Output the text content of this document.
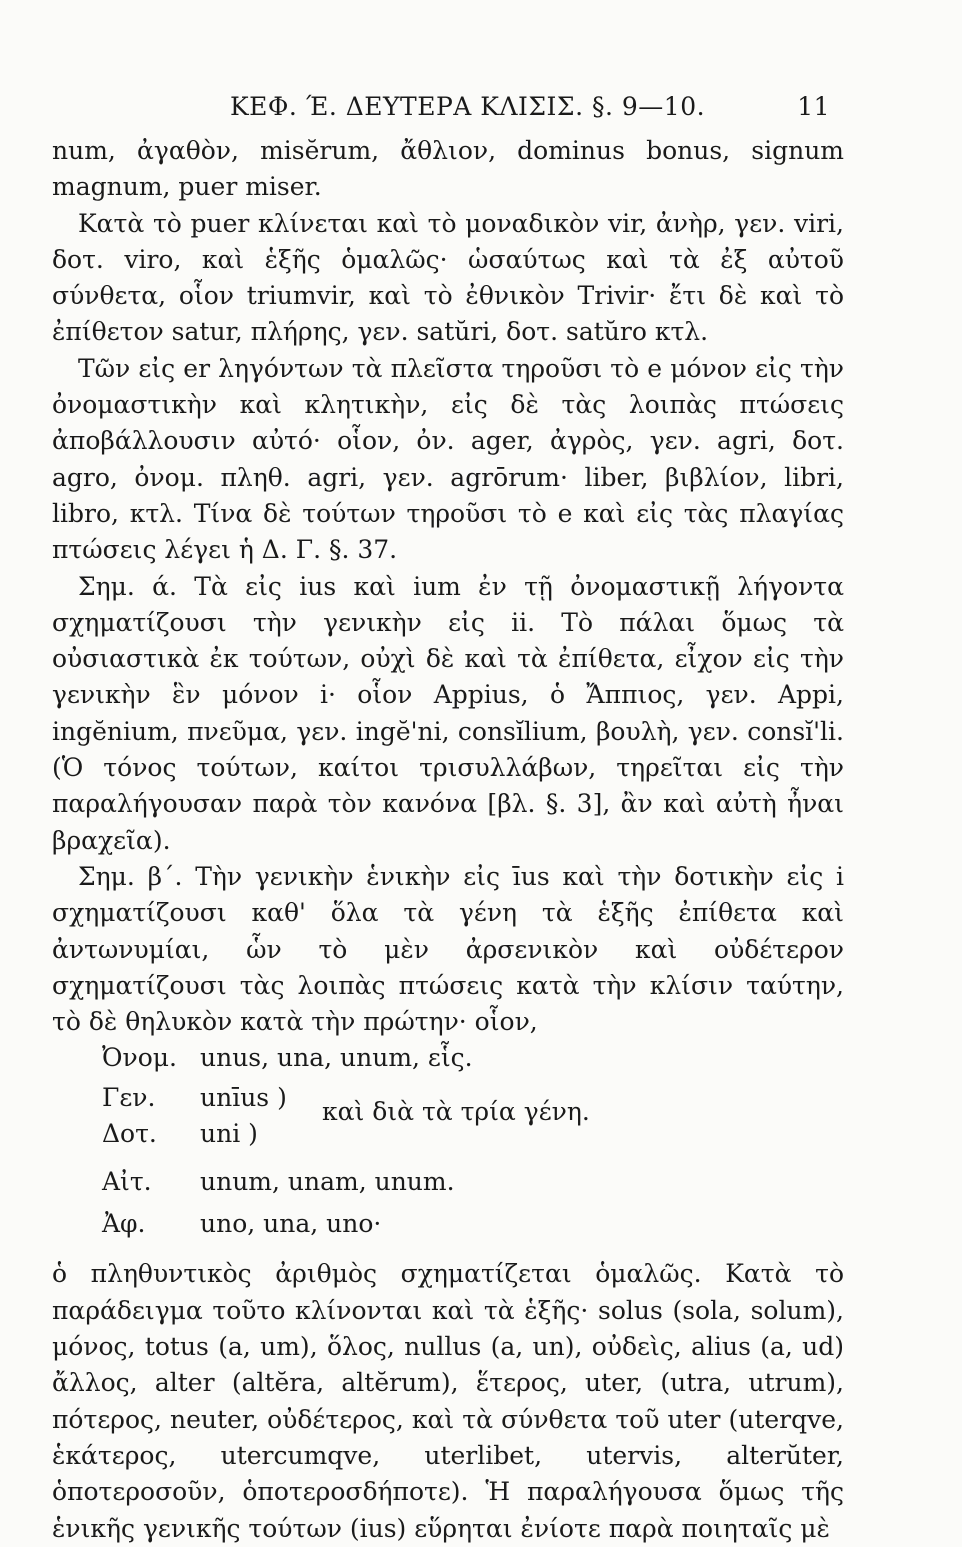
ΚΕΦ. Έ. ΔΕΥΤΕΡΑ ΚΛΙΣΙΣ. §. 9—10.	11

num, ἀγαθὸν, misĕrum, ἄθλιον, dominus bonus, signum magnum, puer miser.

Κατὰ τὸ puer κλίνεται καὶ τὸ μοναδικὸν vir, ἀνὴρ, γεν. viri, δοτ. viro, καὶ ἑξῆς ὁμαλῶς· ὡσαύτως καὶ τὰ ἐξ αὐτοῦ σύνθετα, οἷον triumvir, καὶ τὸ ἐθνικὸν Trivir· ἔτι δὲ καὶ τὸ ἐπίθετον satur, πλήρης, γεν. satŭri, δοτ. satŭro κτλ.

Τῶν εἰς er ληγόντων τὰ πλεῖστα τηροῦσι τὸ e μόνον εἰς τὴν ὀνομαστικὴν καὶ κλητικὴν, εἰς δὲ τὰς λοιπὰς πτώσεις ἀποβάλλουσιν αὐτό· οἷον, ὀν. ager, ἀγρὸς, γεν. agri, δοτ. agro, ὀνομ. πληθ. agri, γεν. agrōrum· liber, βιβλίον, libri, libro, κτλ. Τίνα δὲ τούτων τηροῦσι τὸ e καὶ εἰς τὰς πλαγίας πτώσεις λέγει ἡ Δ. Γ. §. 37.

Σημ. ά. Τὰ εἰς ius καὶ ium ἐν τῇ ὀνομαστικῇ λήγοντα σχηματίζουσι τὴν γενικὴν εἰς ii. Τὸ πάλαι ὅμως τὰ οὐσιαστικὰ ἐκ τούτων, οὐχὶ δὲ καὶ τὰ ἐπίθετα, εἶχον εἰς τὴν γενικὴν ἓν μόνον i· οἷον Appius, ὁ Ἄππιος, γεν. Appi, ingĕnium, πνεῦμα, γεν. ingĕ'ni, consĭlium, βουλὴ, γεν. consĭ'li. (Ὁ τόνος τούτων, καίτοι τρισυλλάβων, τηρεῖται εἰς τὴν παραλήγουσαν παρὰ τὸν κανόνα [βλ. §. 3], ἂν καὶ αὐτὴ ἦναι βραχεῖα).

Σημ. β΄. Τὴν γενικὴν ἑνικὴν εἰς īus καὶ τὴν δοτικὴν εἰς i σχηματίζουσι καθ' ὅλα τὰ γένη τὰ ἑξῆς ἐπίθετα καὶ ἀντωνυμίαι, ὧν τὸ μὲν ἀρσενικὸν καὶ οὐδέτερον σχηματίζουσι τὰς λοιπὰς πτώσεις κατὰ τὴν κλίσιν ταύτην, τὸ δὲ θηλυκὸν κατὰ τὴν πρώτην· οἷον,

Ὀνομ. unus, una, unum, εἷς.
Γεν. unīus )
Δοτ. uni )
καὶ διὰ τὰ τρία γένη.
Αἰτ. unum, unam, unum.
Ἀφ. uno, una, uno·

ὁ πληθυντικὸς ἀριθμὸς σχηματίζεται ὁμαλῶς. Κατὰ τὸ παράδειγμα τοῦτο κλίνονται καὶ τὰ ἑξῆς· solus (sola, solum), μόνος, totus (a, um), ὅλος, nullus (a, un), οὐδεὶς, alius (a, ud) ἄλλος, alter (altĕra, altĕrum), ἕτερος, uter, (utra, utrum), πότερος, neuter, οὐδέτερος, καὶ τὰ σύνθετα τοῦ uter (uterqve, ἑκάτερος, utercumqve, uterlibet, utervis, alterŭter, ὁποτεροσοῦν, ὁποτεροσδήποτε). Ἡ παραλήγουσα ὅμως τῆς ἑνικῆς γενικῆς τούτων (ius) εὕρηται ἐνίοτε παρὰ ποιηταῖς μὲ
